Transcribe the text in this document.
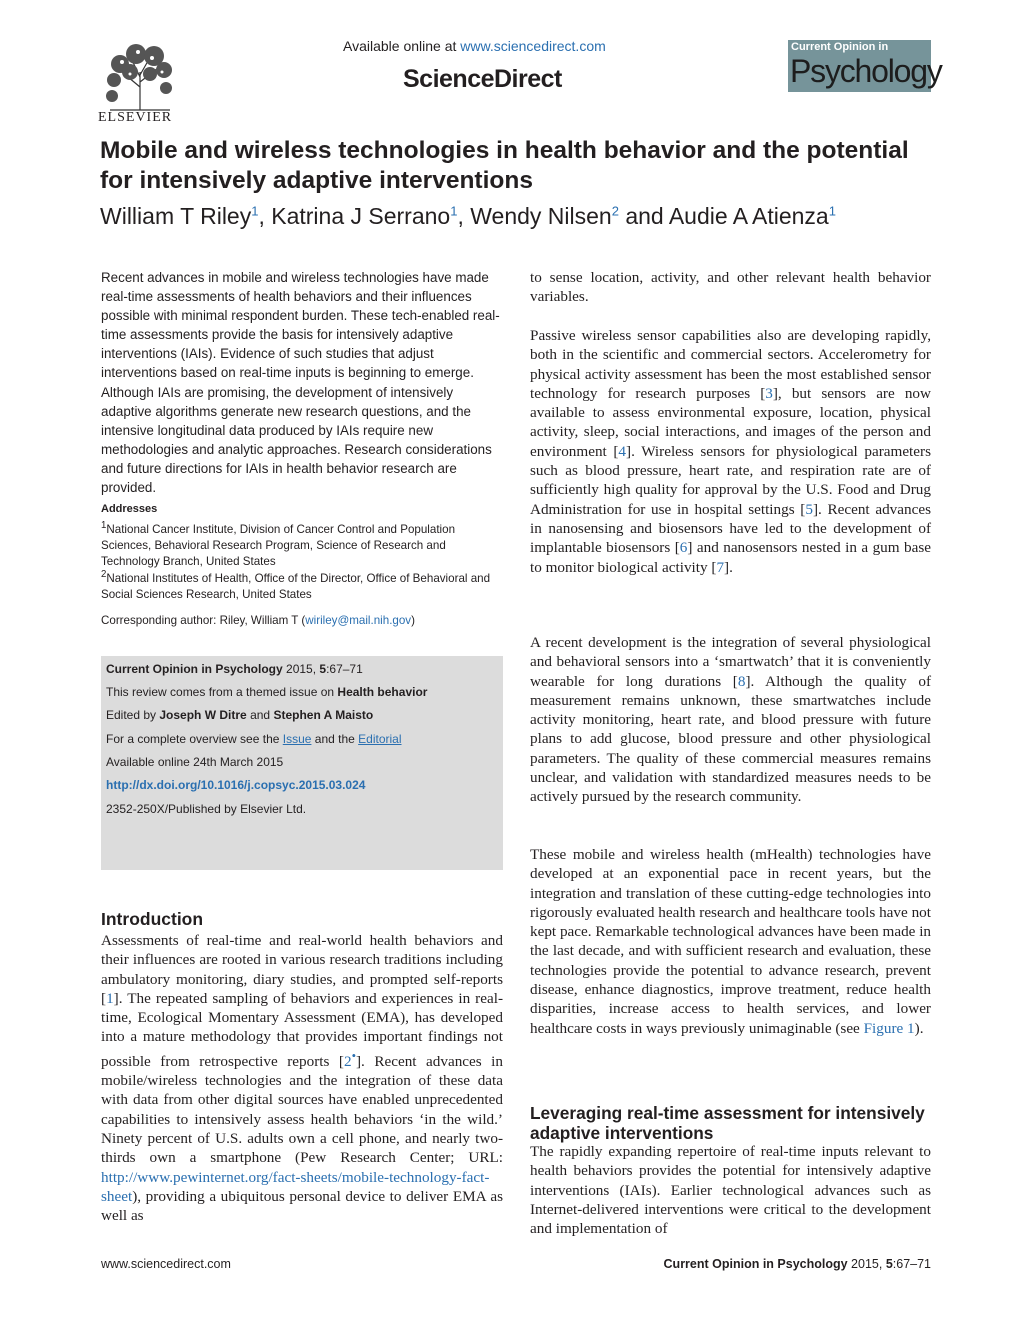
ELSEVIER
Available online at www.sciencedirect.com
ScienceDirect
Current Opinion in
Psychology
Mobile and wireless technologies in health behavior and the potential for intensively adaptive interventions
William T Riley$^1$, Katrina J Serrano$^1$, Wendy Nilsen$^2$ and Audie A Atienza$^1$

Recent advances in mobile and wireless technologies have made real-time assessments of health behaviors and their influences possible with minimal respondent burden. These tech-enabled real-time assessments provide the basis for intensively adaptive interventions (IAIs). Evidence of such studies that adjust interventions based on real-time inputs is beginning to emerge. Although IAIs are promising, the development of intensively adaptive algorithms generate new research questions, and the intensive longitudinal data produced by IAIs require new methodologies and analytic approaches. Research considerations and future directions for IAIs in health behavior research are provided.

Addresses
$^1$National Cancer Institute, Division of Cancer Control and Population Sciences, Behavioral Research Program, Science of Research and Technology Branch, United States
$^2$National Institutes of Health, Office of the Director, Office of Behavioral and Social Sciences Research, United States
Corresponding author: Riley, William T (wiriley@mail.nih.gov)
Current Opinion in Psychology 2015, 5:67–71
This review comes from a themed issue on Health behavior
Edited by Joseph W Ditre and Stephen A Maisto
For a complete overview see the Issue and the Editorial
Available online 24th March 2015
http://dx.doi.org/10.1016/j.copsyc.2015.03.024
2352-250X/Published by Elsevier Ltd.
Introduction

Assessments of real-time and real-world health behaviors and their influences are rooted in various research traditions including ambulatory monitoring, diary studies, and prompted self-reports [1]. The repeated sampling of behaviors and experiences in real-time, Ecological Momentary Assessment (EMA), has developed into a mature methodology that provides important findings not possible from retrospective reports [2•]. Recent advances in mobile/wireless technologies and the integration of these data with data from other digital sources have enabled unprecedented capabilities to intensively assess health behaviors ‘in the wild.’ Ninety percent of U.S. adults own a cell phone, and nearly two-thirds own a smartphone (Pew Research Center; URL: http://www.pewinternet.org/fact-sheets/mobile-technology-fact-sheet), providing a ubiquitous personal device to deliver EMA as well as

to sense location, activity, and other relevant health behavior variables.

Passive wireless sensor capabilities also are developing rapidly, both in the scientific and commercial sectors. Accelerometry for physical activity assessment has been the most established sensor technology for research purposes [3], but sensors are now available to assess environmental exposure, location, physical activity, sleep, social interactions, and images of the person and environment [4]. Wireless sensors for physiological parameters such as blood pressure, heart rate, and respiration rate are of sufficiently high quality for approval by the U.S. Food and Drug Administration for use in hospital settings [5]. Recent advances in nanosensing and biosensors have led to the development of implantable biosensors [6] and nanosensors nested in a gum base to monitor biological activity [7].

A recent development is the integration of several physiological and behavioral sensors into a ‘smartwatch’ that it is conveniently wearable for long durations [8]. Although the quality of measurement remains unknown, these smartwatches include activity monitoring, heart rate, and blood pressure with future plans to add glucose, blood pressure and other physiological parameters. The quality of these commercial measures remains unclear, and validation with standardized measures needs to be actively pursued by the research community.

These mobile and wireless health (mHealth) technologies have developed at an exponential pace in recent years, but the integration and translation of these cutting-edge technologies into rigorously evaluated health research and healthcare tools have not kept pace. Remarkable technological advances have been made in the last decade, and with sufficient research and evaluation, these technologies provide the potential to advance research, prevent disease, enhance diagnostics, improve treatment, reduce health disparities, increase access to health services, and lower healthcare costs in ways previously unimaginable (see Figure 1).

Leveraging real-time assessment for intensively adaptive interventions

The rapidly expanding repertoire of real-time inputs relevant to health behaviors provides the potential for intensively adaptive interventions (IAIs). Earlier technological advances such as Internet-delivered interventions were critical to the development and implementation of

www.sciencedirect.com	Current Opinion in Psychology 2015, 5:67–71
